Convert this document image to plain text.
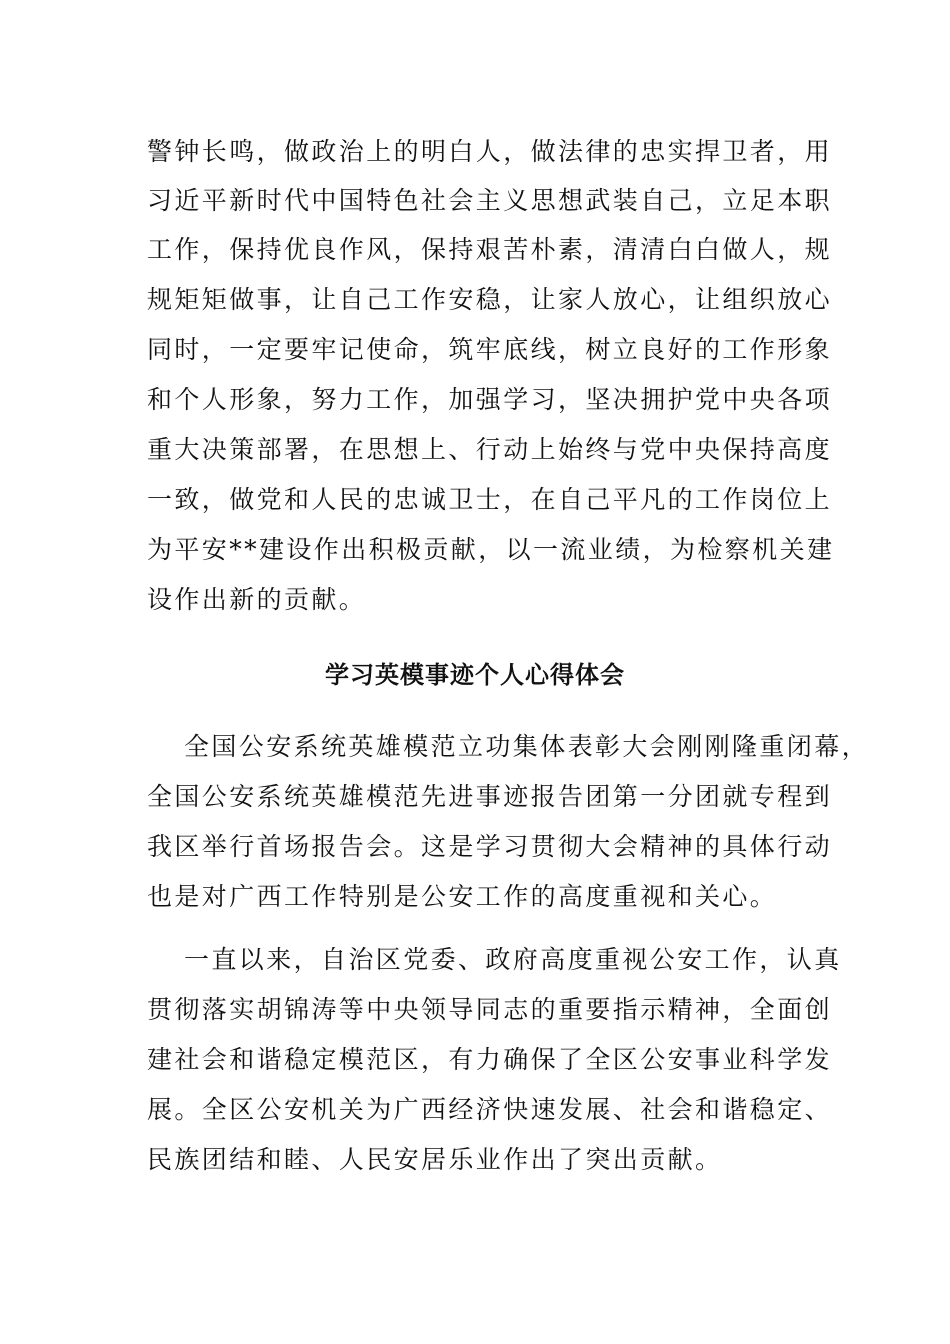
警钟长鸣，做政治上的明白人，做法律的忠实捍卫者，用
习近平新时代中国特色社会主义思想武装自己，立足本职
工作，保持优良作风，保持艰苦朴素，清清白白做人，规
规矩矩做事，让自己工作安稳，让家人放心，让组织放心
同时，一定要牢记使命，筑牢底线，树立良好的工作形象
和个人形象，努力工作，加强学习，坚决拥护党中央各项
重大决策部署，在思想上、行动上始终与党中央保持高度
一致，做党和人民的忠诚卫士，在自己平凡的工作岗位上
为平安**建设作出积极贡献，以一流业绩，为检察机关建
设作出新的贡献。
学习英模事迹个人心得体会
全国公安系统英雄模范立功集体表彰大会刚刚隆重闭幕，
全国公安系统英雄模范先进事迹报告团第一分团就专程到
我区举行首场报告会。这是学习贯彻大会精神的具体行动
也是对广西工作特别是公安工作的高度重视和关心。
一直以来，自治区党委、政府高度重视公安工作，认真
贯彻落实胡锦涛等中央领导同志的重要指示精神，全面创
建社会和谐稳定模范区，有力确保了全区公安事业科学发
展。全区公安机关为广西经济快速发展、社会和谐稳定、
民族团结和睦、人民安居乐业作出了突出贡献。
